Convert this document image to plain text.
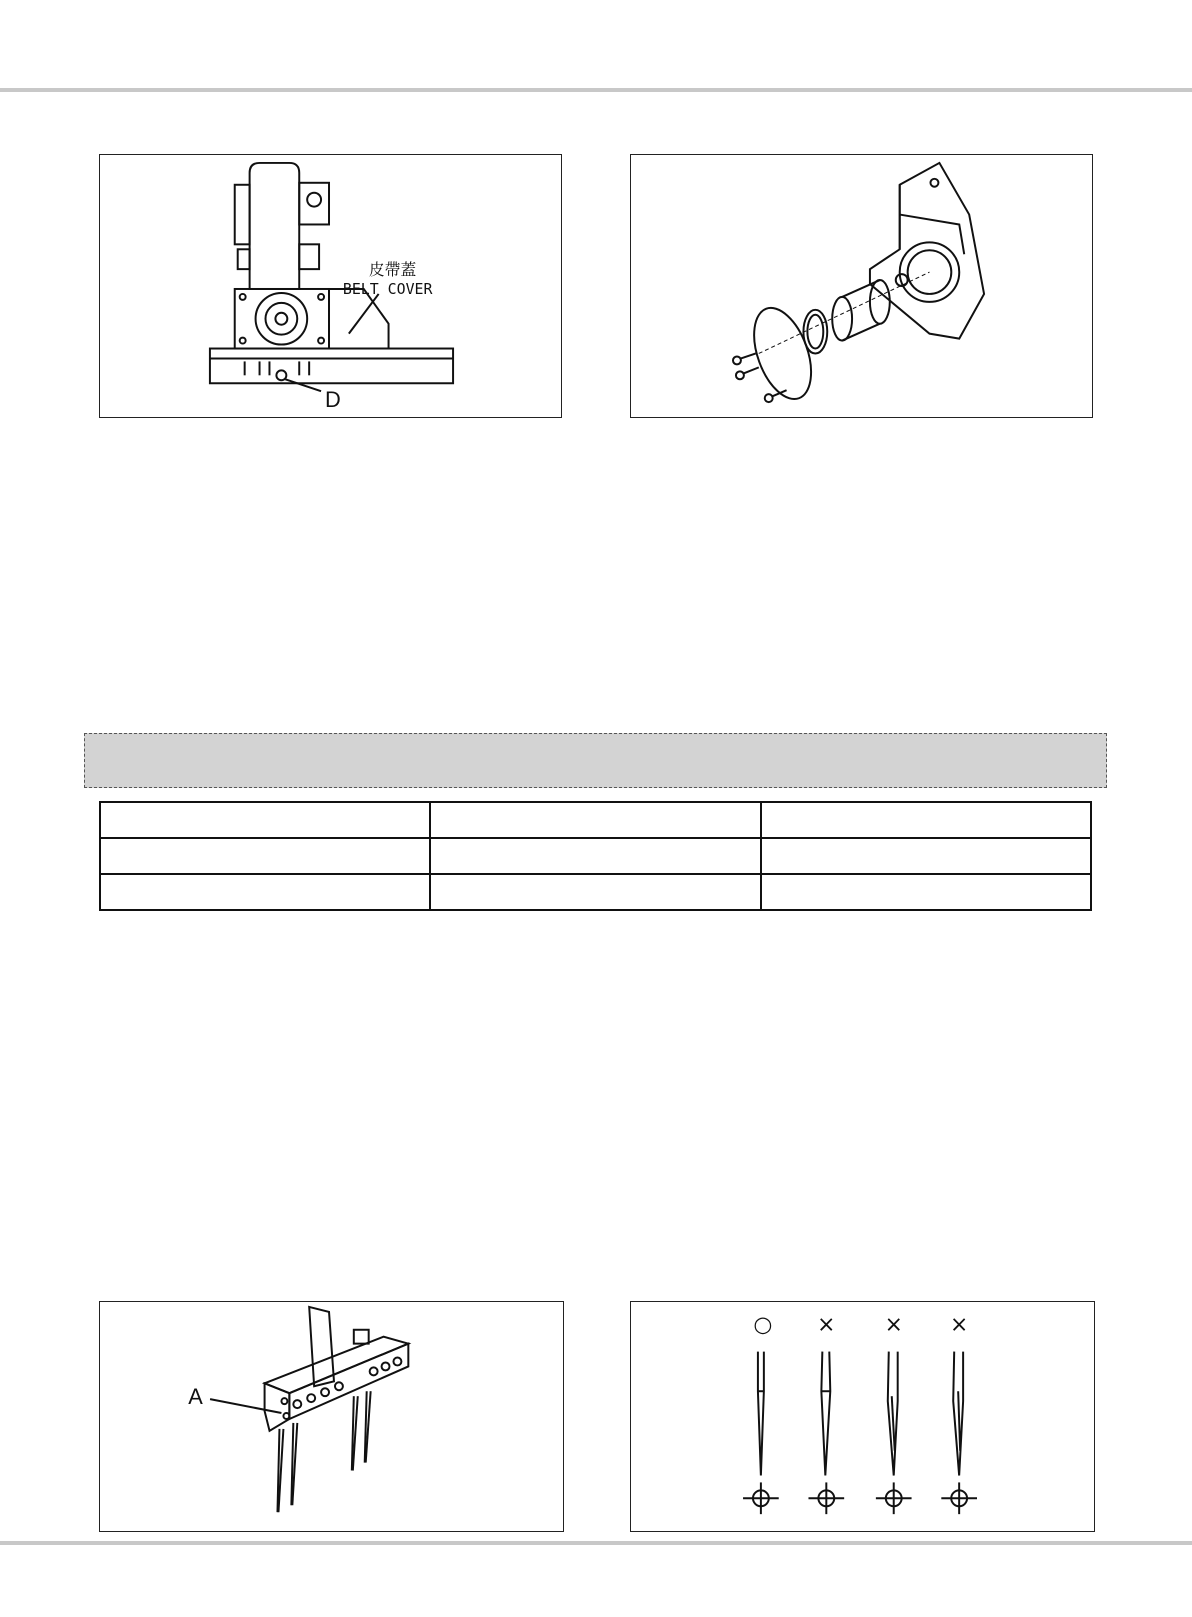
皮帶蓋
BELT COVER
D

A
○ × × ×
